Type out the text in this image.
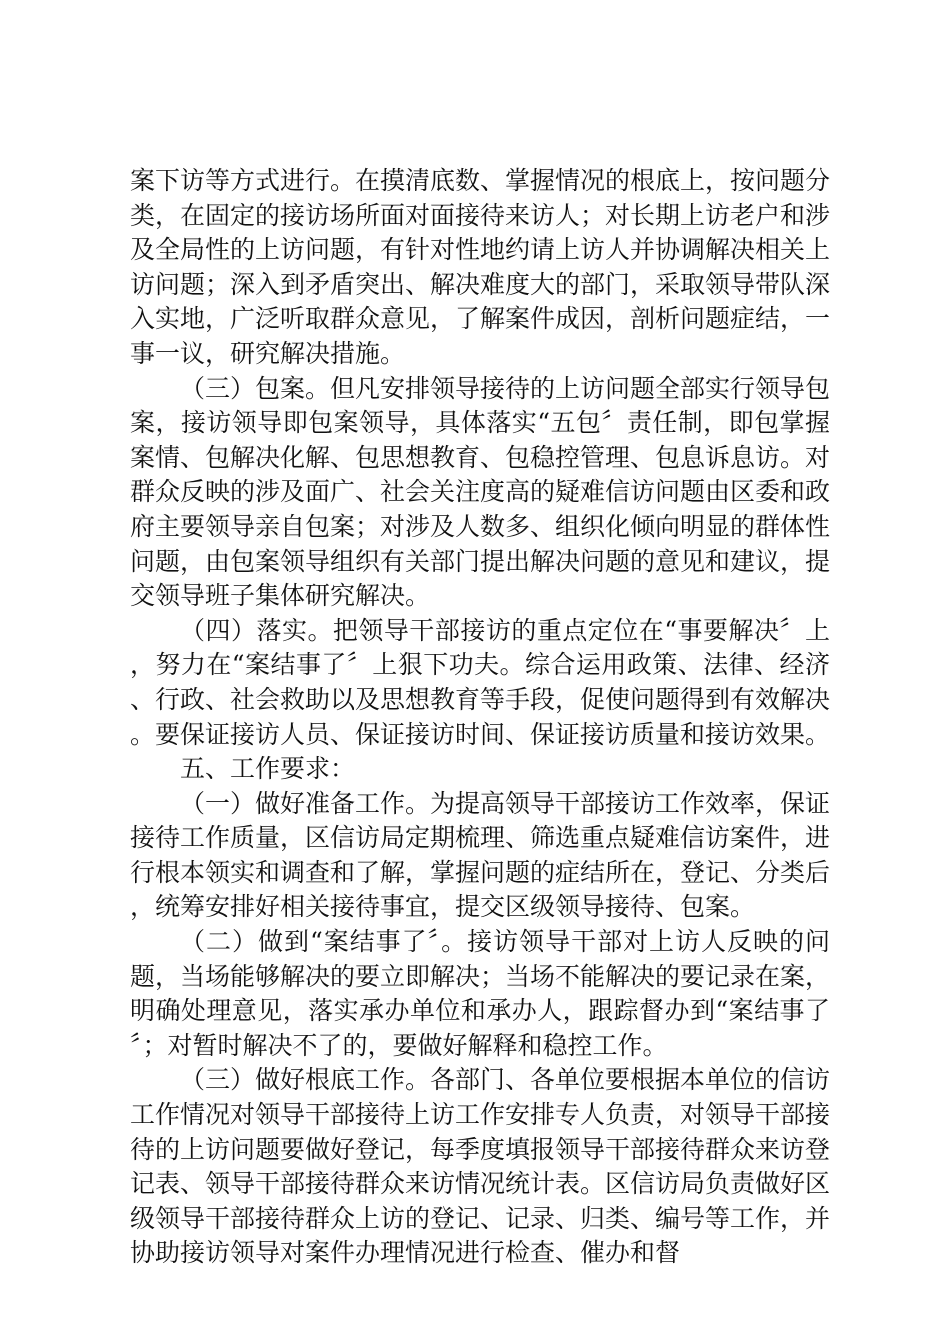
案下访等方式进行。在摸清底数、掌握情况的根底上，按问题分类，在固定的接访场所面对面接待来访人；对长期上访老户和涉及全局性的上访问题，有针对性地约请上访人并协调解决相关上访问题；深入到矛盾突出、解决难度大的部门，采取领导带队深入实地，广泛听取群众意见，了解案件成因，剖析问题症结，一事一议，研究解决措施。

（三）包案。但凡安排领导接待的上访问题全部实行领导包案，接访领导即包案领导，具体落实“五包〞责任制，即包掌握案情、包解决化解、包思想教育、包稳控管理、包息诉息访。对群众反映的涉及面广、社会关注度高的疑难信访问题由区委和政府主要领导亲自包案；对涉及人数多、组织化倾向明显的群体性问题，由包案领导组织有关部门提出解决问题的意见和建议，提交领导班子集体研究解决。

（四）落实。把领导干部接访的重点定位在“事要解决〞上，努力在“案结事了〞上狠下功夫。综合运用政策、法律、经济、行政、社会救助以及思想教育等手段，促使问题得到有效解决。要保证接访人员、保证接访时间、保证接访质量和接访效果。

五、工作要求：

（一）做好准备工作。为提高领导干部接访工作效率，保证接待工作质量，区信访局定期梳理、筛选重点疑难信访案件，进行根本领实和调查和了解，掌握问题的症结所在，登记、分类后，统筹安排好相关接待事宜，提交区级领导接待、包案。

（二）做到“案结事了〞。接访领导干部对上访人反映的问题，当场能够解决的要立即解决；当场不能解决的要记录在案，明确处理意见，落实承办单位和承办人，跟踪督办到“案结事了〞；对暂时解决不了的，要做好解释和稳控工作。

（三）做好根底工作。各部门、各单位要根据本单位的信访工作情况对领导干部接待上访工作安排专人负责，对领导干部接待的上访问题要做好登记，每季度填报领导干部接待群众来访登记表、领导干部接待群众来访情况统计表。区信访局负责做好区级领导干部接待群众上访的登记、记录、归类、编号等工作，并协助接访领导对案件办理情况进行检查、催办和督
